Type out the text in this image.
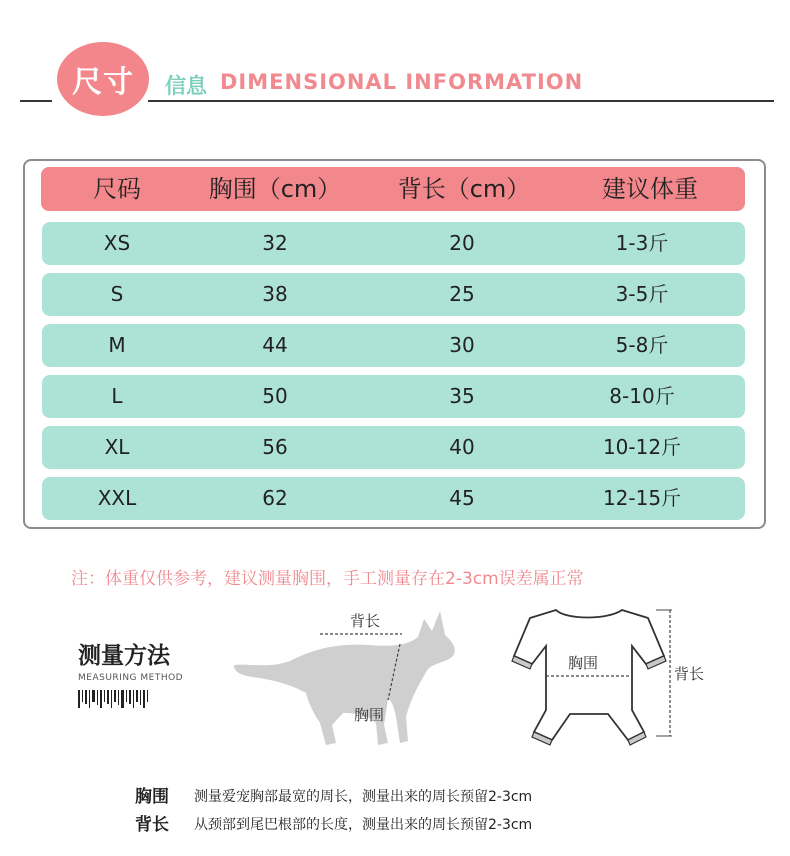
尺寸	信息 DIMENSIONAL INFORMATION
尺码	胸围（cm） 背长（cm）	建议体重
XS	32	20	1-3斤
S	38	25	3-5斤
M	44	30	5-8斤
L	50	35	8-10斤
XL	56	40	10-12斤
XXL	62	45	12-15斤
注：体重仅供参考，建议测量胸围，手工测量存在2-3cm误差属正常
测量方法
MEASURING METHOD
背长
胸围
胸围
背长
胸围 测量爱宠胸部最宽的周长，测量出来的周长预留2-3cm
背长 从颈部到尾巴根部的长度，测量出来的周长预留2-3cm
